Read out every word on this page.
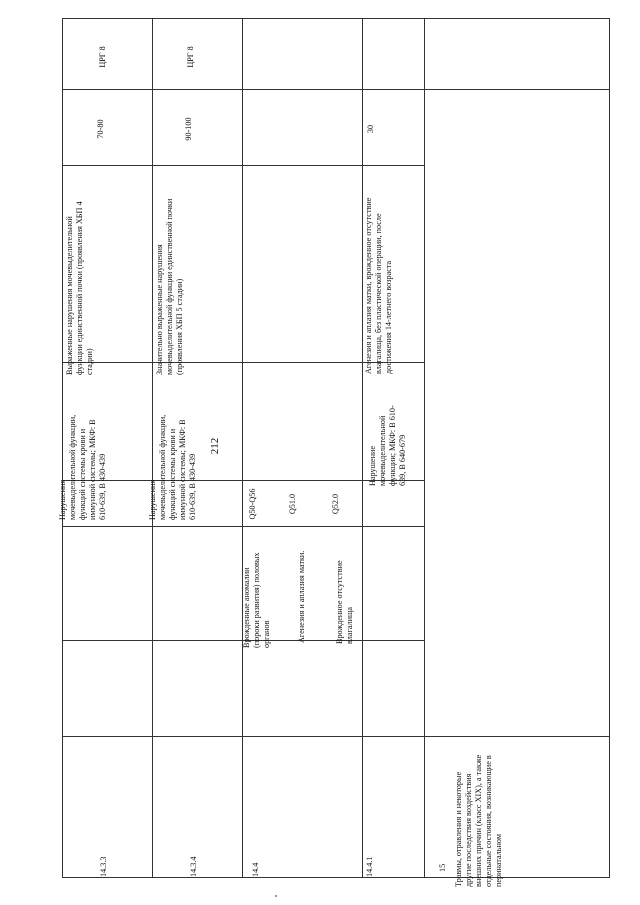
212
14.3.3
Нарушения мочевыделительной функции, функций системы крови и иммунной системы; МКФ: В 610-639, В 430-439
Выраженные нарушения мочевыделительной функции единственной почки (проявления ХБП 4 стадии)
70-80
ЦРГ 8
14.3.4
Нарушения мочевыделительной функции, функций системы крови и иммунной системы; МКФ: В 610-639, В 430-439
Значительно выраженные нарушения мочевыделительной функции единственной почки (проявления ХБП 5 стадии)
90-100
ЦРГ 8
14.4
Врожденные аномалии (пороки развития) половых органов
Q50-Q56
Агенезия и аплазия матки.
Q51.0
Врожденное отсутствие влагалища
Q52.0
14.4.1
Нарушение мочевыделительной функции; МКФ: В 610-639, В 640-679
Агенезия и аплазия матки, врожденное отсутствие влагалища, без пластической операции, после достижения 14-летнего возраста
30
15 Травмы, отравления и некоторые другие последствия воздействия внешних причин (класс XIX), а также отдельные состояния, возникающие в перинатальном
